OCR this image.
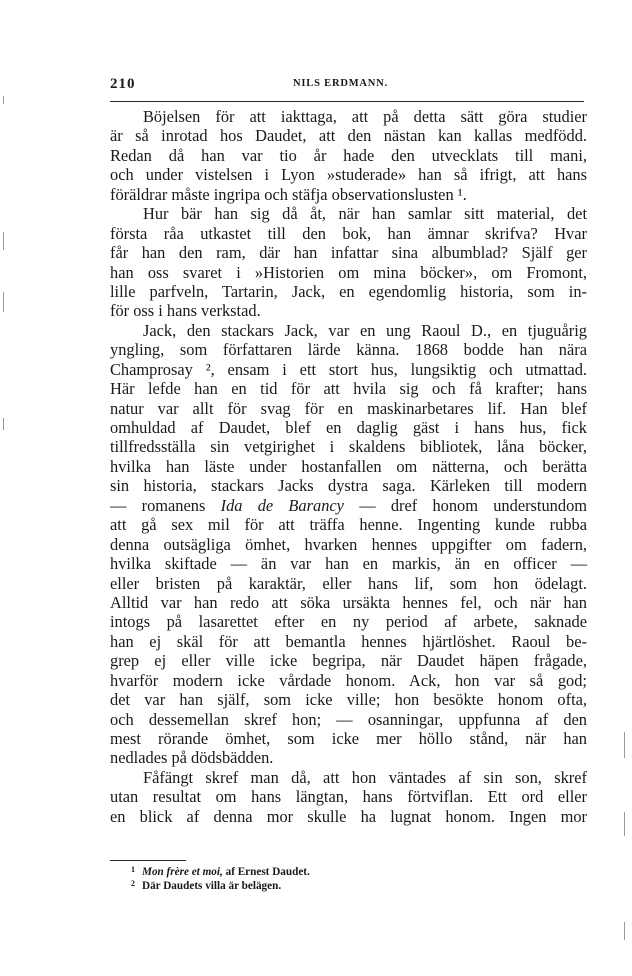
210	NILS ERDMANN.
Böjelsen för att iakttaga, att på detta sätt göra studier
är så inrotad hos Daudet, att den nästan kan kallas medfödd.
Redan då han var tio år hade den utvecklats till mani,
och under vistelsen i Lyon »studerade» han så ifrigt, att hans
föräldrar måste ingripa och stäfja observationslusten ¹.
Hur bär han sig då åt, när han samlar sitt material, det
första råa utkastet till den bok, han ämnar skrifva? Hvar
får han den ram, där han infattar sina albumblad? Själf ger
han oss svaret i »Historien om mina böcker», om Fromont,
lille parfveln, Tartarin, Jack, en egendomlig historia, som in-
för oss i hans verkstad.
Jack, den stackars Jack, var en ung Raoul D., en tjuguårig
yngling, som författaren lärde känna. 1868 bodde han nära
Champrosay ², ensam i ett stort hus, lungsiktig och utmattad.
Här lefde han en tid för att hvila sig och få krafter; hans
natur var allt för svag för en maskinarbetares lif. Han blef
omhuldad af Daudet, blef en daglig gäst i hans hus, fick
tillfredsställa sin vetgirighet i skaldens bibliotek, låna böcker,
hvilka han läste under hostanfallen om nätterna, och berätta
sin historia, stackars Jacks dystra saga. Kärleken till modern
— romanens Ida de Barancy — dref honom understundom
att gå sex mil för att träffa henne. Ingenting kunde rubba
denna outsägliga ömhet, hvarken hennes uppgifter om fadern,
hvilka skiftade — än var han en markis, än en officer —
eller bristen på karaktär, eller hans lif, som hon ödelagt.
Alltid var han redo att söka ursäkta hennes fel, och när han
intogs på lasarettet efter en ny period af arbete, saknade
han ej skäl för att bemantla hennes hjärtlöshet. Raoul be-
grep ej eller ville icke begripa, när Daudet häpen frågade,
hvarför modern icke vårdade honom. Ack, hon var så god;
det var han själf, som icke ville; hon besökte honom ofta,
och dessemellan skref hon; — osanningar, uppfunna af den
mest rörande ömhet, som icke mer höllo stånd, när han
nedlades på dödsbädden.
Fåfängt skref man då, att hon väntades af sin son, skref
utan resultat om hans längtan, hans förtviflan. Ett ord eller
en blick af denna mor skulle ha lugnat honom. Ingen mor
1 Mon frère et moi, af Ernest Daudet.
2 Där Daudets villa är belägen.
